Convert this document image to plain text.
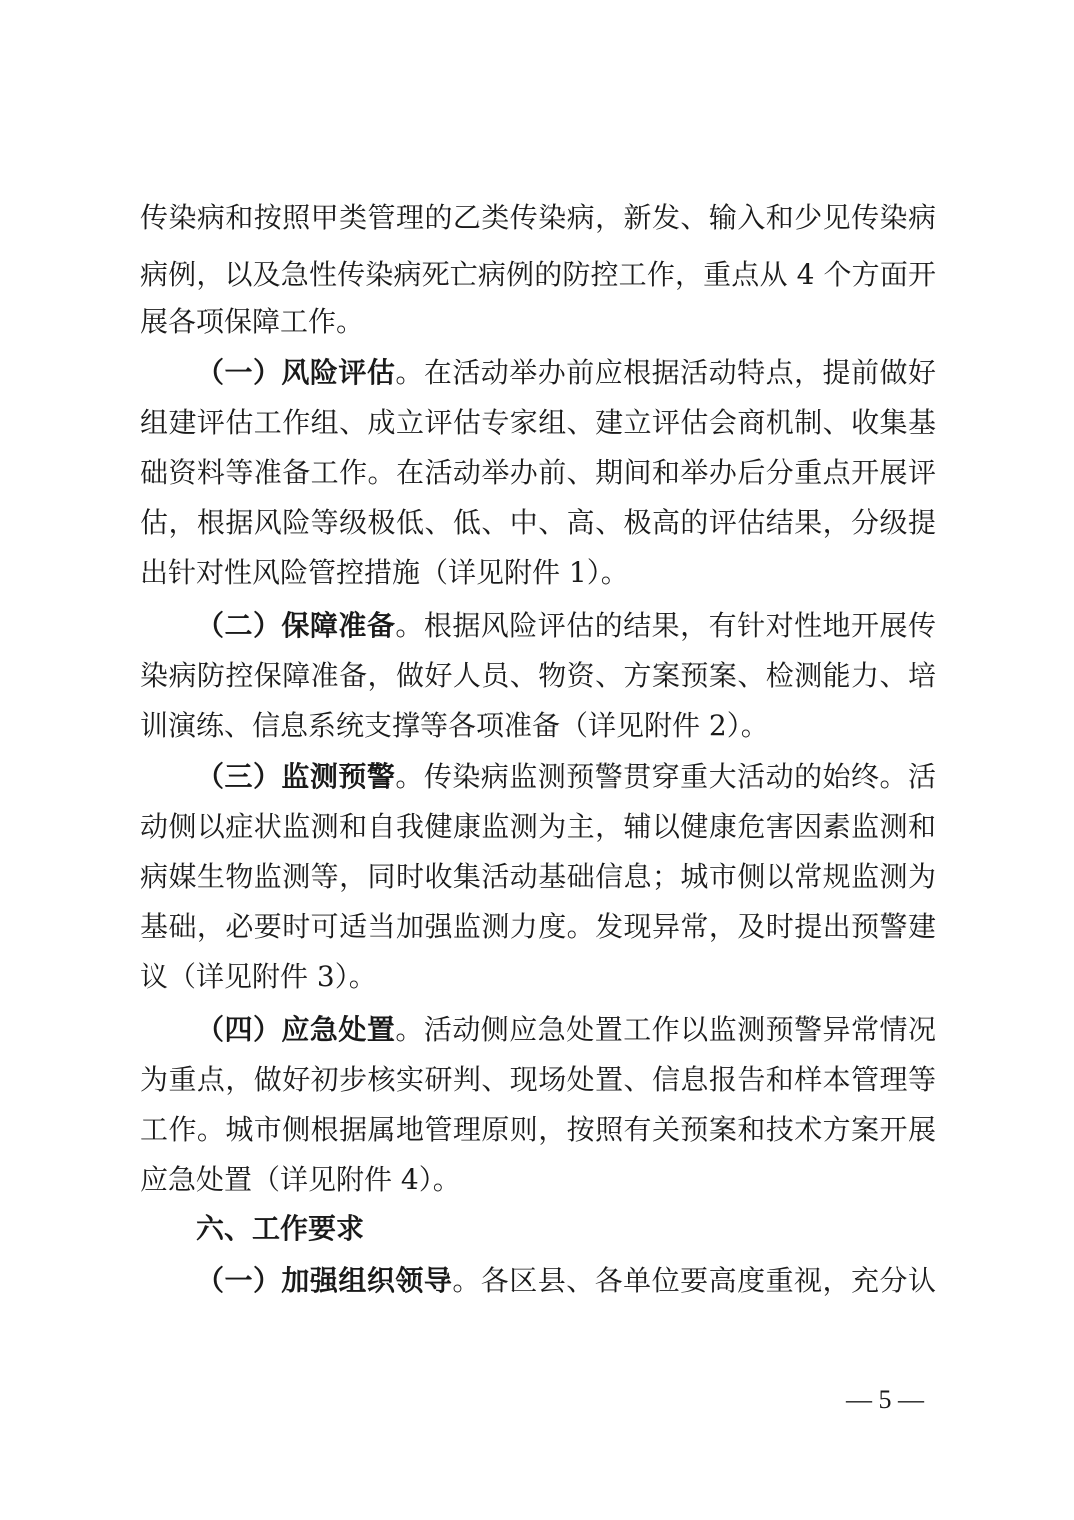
传染病和按照甲类管理的乙类传染病，新发、输入和少见传染病
病例，以及急性传染病死亡病例的防控工作，重点从 4 个方面开
展各项保障工作。
（一）风险评估。在活动举办前应根据活动特点，提前做好
组建评估工作组、成立评估专家组、建立评估会商机制、收集基
础资料等准备工作。在活动举办前、期间和举办后分重点开展评
估，根据风险等级极低、低、中、高、极高的评估结果，分级提
出针对性风险管控措施（详见附件 1）。
（二）保障准备。根据风险评估的结果，有针对性地开展传
染病防控保障准备，做好人员、物资、方案预案、检测能力、培
训演练、信息系统支撑等各项准备（详见附件 2）。
（三）监测预警。传染病监测预警贯穿重大活动的始终。活
动侧以症状监测和自我健康监测为主，辅以健康危害因素监测和
病媒生物监测等，同时收集活动基础信息；城市侧以常规监测为
基础，必要时可适当加强监测力度。发现异常，及时提出预警建
议（详见附件 3）。
（四）应急处置。活动侧应急处置工作以监测预警异常情况
为重点，做好初步核实研判、现场处置、信息报告和样本管理等
工作。城市侧根据属地管理原则，按照有关预案和技术方案开展
应急处置（详见附件 4）。
六、工作要求
（一）加强组织领导。各区县、各单位要高度重视，充分认
— 5 —
